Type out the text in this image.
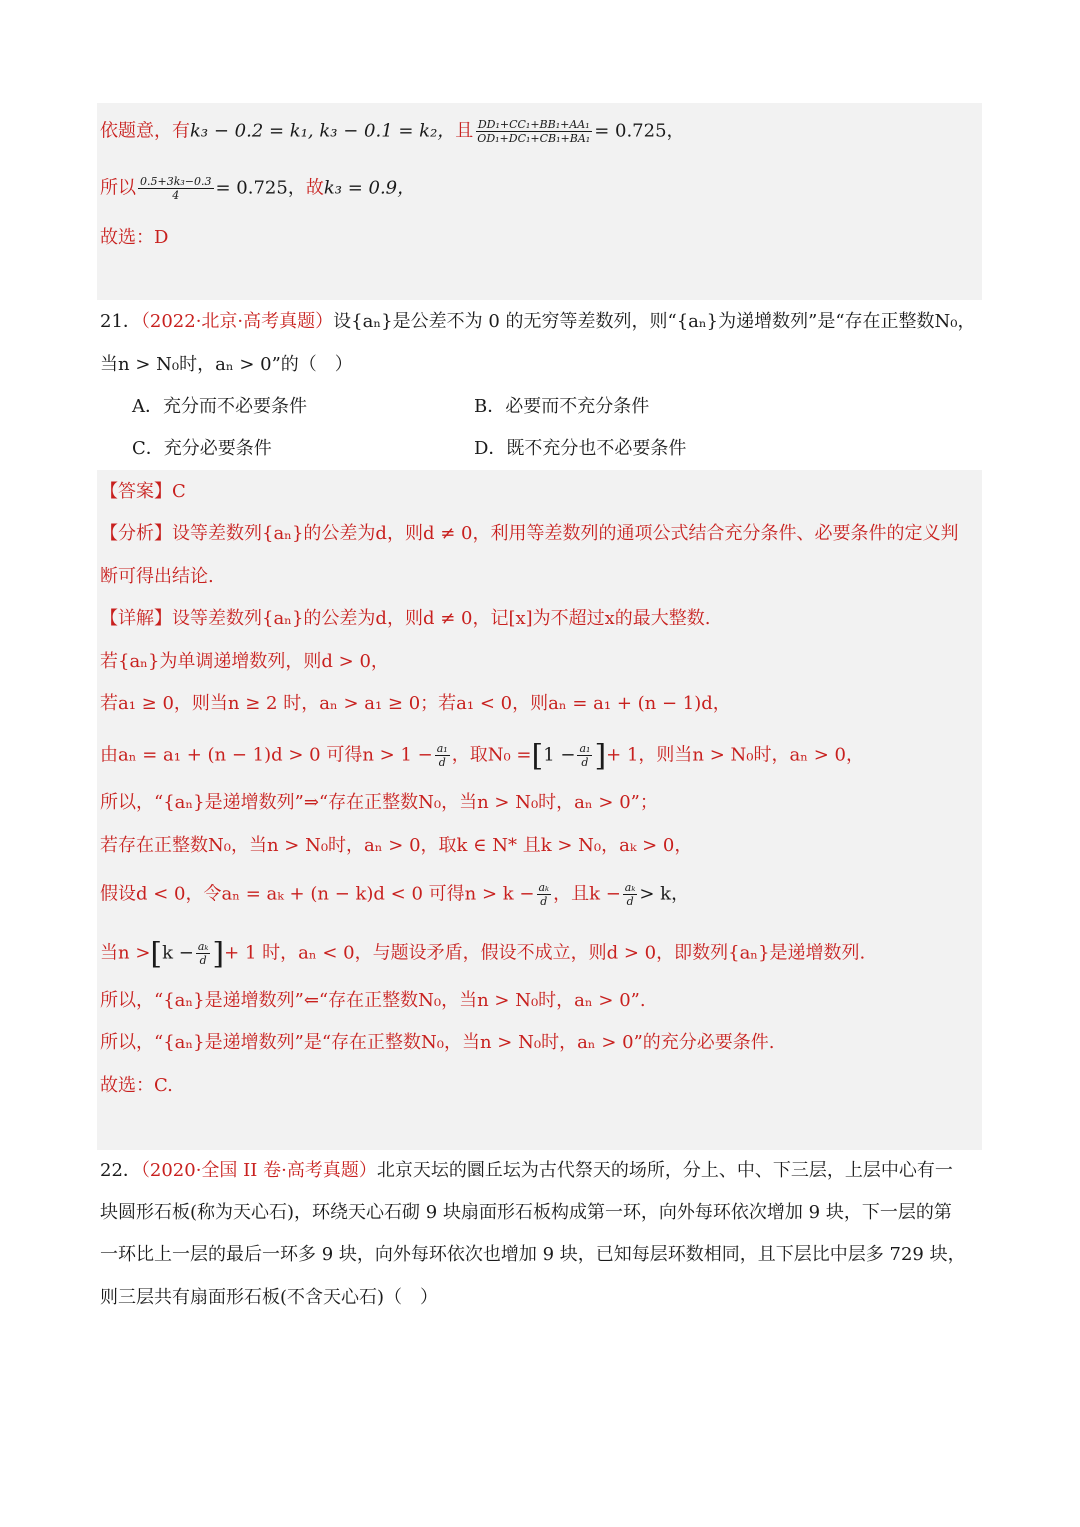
依题意，有k₃ − 0.2 = k₁, k₃ − 0.1 = k₂，且 $\frac{\text{DD₁+CC₁+BB₁+AA₁}}{\text{OD₁+DC₁+CB₁+BA₁}} = 0.725$，
所以 $\frac{\text{0.5+3k₃−0.3}}{4} = 0.725$，故k₃ = 0.9，
故选：D
21．（2022·北京·高考真题）设{aₙ}是公差不为 0 的无穷等差数列，则“{aₙ}为递增数列”是“存在正整数N₀，
当n > N₀时，aₙ > 0”的（　）
A．充分而不必要条件	B．必要而不充分条件
C．充分必要条件	D．既不充分也不必要条件
【答案】C
【分析】设等差数列{aₙ}的公差为d，则d ≠ 0，利用等差数列的通项公式结合充分条件、必要条件的定义判
断可得出结论.
【详解】设等差数列{aₙ}的公差为d，则d ≠ 0，记[x]为不超过x的最大整数.
若{aₙ}为单调递增数列，则d > 0，
若a₁ ≥ 0，则当n ≥ 2 时，aₙ > a₁ ≥ 0；若a₁ < 0，则aₙ = a₁ + (n − 1)d，
由aₙ = a₁ + (n − 1)d > 0 可得$n > 1 - \frac{\text{a₁}}{d}$ ，取$N_0 =[1 - \frac{\text{a₁}}{d}$ ]+ 1，则当n > N₀时，aₙ > 0，
所以，“{aₙ}是递增数列”⇒“存在正整数N₀，当n > N₀时，aₙ > 0”；
若存在正整数N₀，当n > N₀时，aₙ > 0，取k ∈ N* 且k > N₀，aₖ > 0，
假设d < 0，令aₙ = aₖ + (n − k)d < 0 可得$n > k - \frac{\text{aₖ}}{d}$ ，且$k - \frac{\text{aₖ}}{d} > k$，
当$n >[k - \frac{\text{aₖ}}{d}$ ]+ 1 时，aₙ < 0，与题设矛盾，假设不成立，则d > 0，即数列{aₙ}是递增数列.
所以，“{aₙ}是递增数列”⇐“存在正整数N₀，当n > N₀时，aₙ > 0”.
所以，“{aₙ}是递增数列”是“存在正整数N₀，当n > N₀时，aₙ > 0”的充分必要条件.
故选：C.
22．（2020·全国 II 卷·高考真题）北京天坛的圜丘坛为古代祭天的场所，分上、中、下三层，上层中心有一
块圆形石板(称为天心石)，环绕天心石砌 9 块扇面形石板构成第一环，向外每环依次增加 9 块，下一层的第
一环比上一层的最后一环多 9 块，向外每环依次也增加 9 块，已知每层环数相同，且下层比中层多 729 块，
则三层共有扇面形石板(不含天心石)（　）
